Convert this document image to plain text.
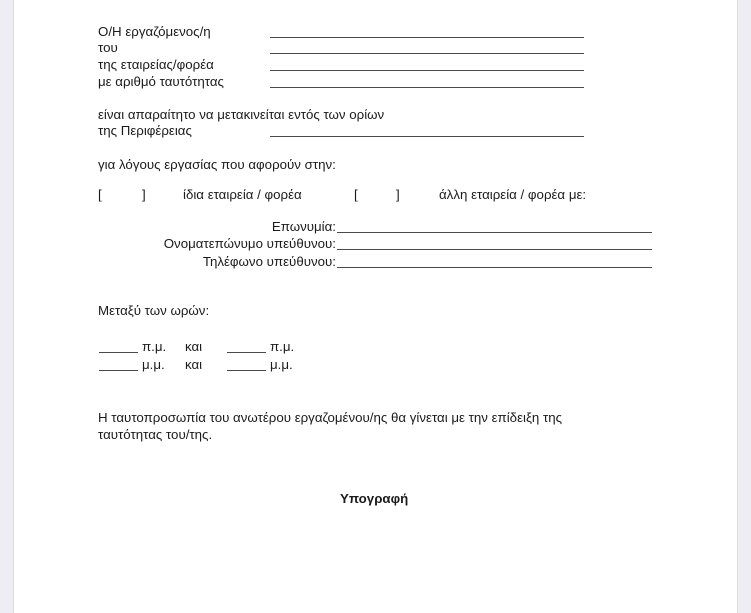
Ο/Η εργαζόμενος/η
του
της εταιρείας/φορέα
με αριθμό ταυτότητας
είναι απαραίτητο να μετακινείται εντός των ορίων
της Περιφέρειας
για λόγους εργασίας που αφορούν στην:
[	]	ίδια εταιρεία / φορέα	[	]	άλλη εταιρεία / φορέα με:
Επωνυμία:
Ονοματεπώνυμο υπεύθυνου:
Τηλέφωνο υπεύθυνου:
Μεταξύ των ωρών:
π.μ. και	π.μ.
μ.μ. και	μ.μ.
Η ταυτοπροσωπία του ανωτέρου εργαζομένου/ης θα γίνεται με την επίδειξη της
ταυτότητας του/της.
Υπογραφή
